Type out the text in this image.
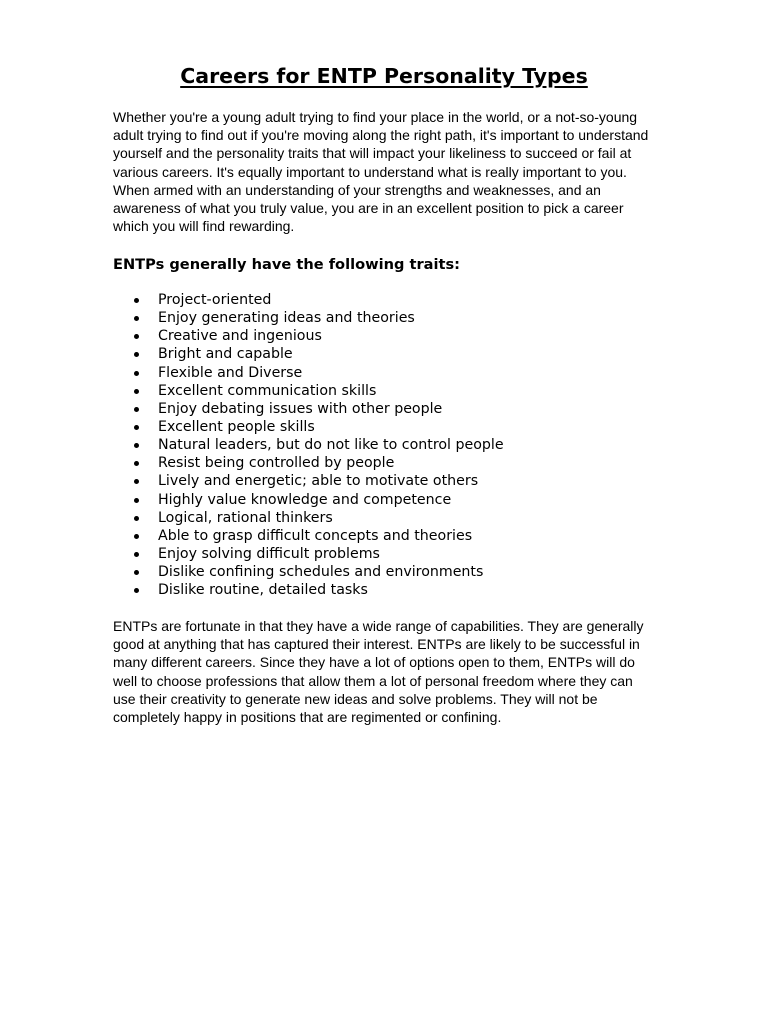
Careers for ENTP Personality Types

Whether you're a young adult trying to find your place in the world, or a not-so-young adult trying to find out if you're moving along the right path, it's important to understand yourself and the personality traits that will impact your likeliness to succeed or fail at various careers. It's equally important to understand what is really important to you. When armed with an understanding of your strengths and weaknesses, and an awareness of what you truly value, you are in an excellent position to pick a career which you will find rewarding.

ENTPs generally have the following traits:

Project-oriented
Enjoy generating ideas and theories
Creative and ingenious
Bright and capable
Flexible and Diverse
Excellent communication skills
Enjoy debating issues with other people
Excellent people skills
Natural leaders, but do not like to control people
Resist being controlled by people
Lively and energetic; able to motivate others
Highly value knowledge and competence
Logical, rational thinkers
Able to grasp difficult concepts and theories
Enjoy solving difficult problems
Dislike confining schedules and environments
Dislike routine, detailed tasks

ENTPs are fortunate in that they have a wide range of capabilities. They are generally good at anything that has captured their interest. ENTPs are likely to be successful in many different careers. Since they have a lot of options open to them, ENTPs will do well to choose professions that allow them a lot of personal freedom where they can use their creativity to generate new ideas and solve problems. They will not be completely happy in positions that are regimented or confining.
